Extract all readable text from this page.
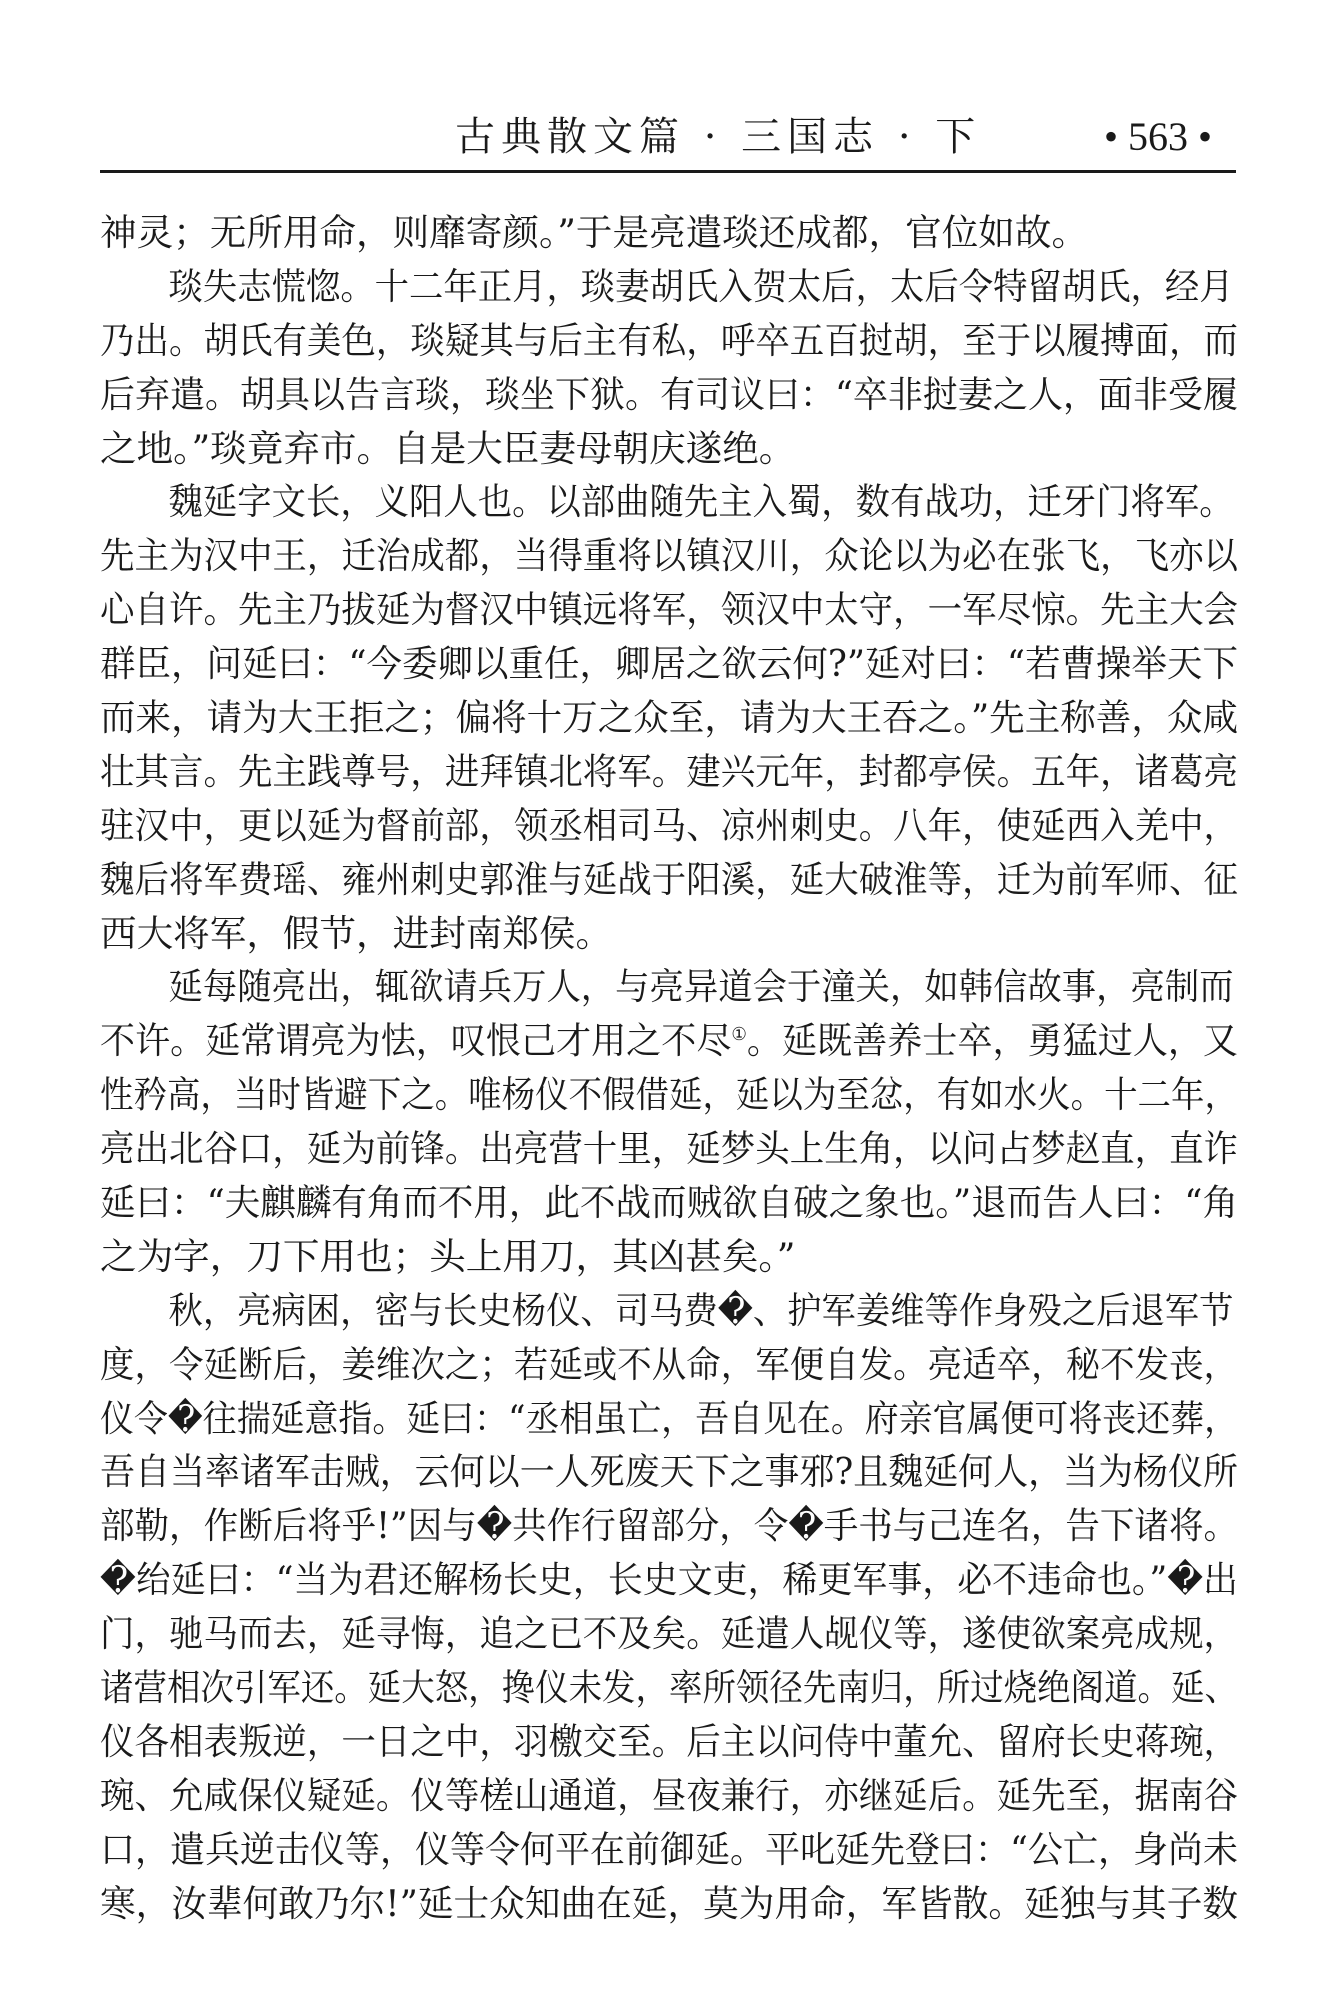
古典散文篇 · 三国志 · 下	• 563 •
神灵；无所用命，则靡寄颜。”于是亮遣琰还成都，官位如故。
琰失志慌惚。十二年正月，琰妻胡氏入贺太后，太后令特留胡氏，经月
乃出。胡氏有美色，琰疑其与后主有私，呼卒五百挝胡，至于以履搏面，而
后弃遣。胡具以告言琰，琰坐下狱。有司议曰：“卒非挝妻之人，面非受履
之地。”琰竟弃市。自是大臣妻母朝庆遂绝。
魏延字文长，义阳人也。以部曲随先主入蜀，数有战功，迁牙门将军。
先主为汉中王，迁治成都，当得重将以镇汉川，众论以为必在张飞，飞亦以
心自许。先主乃拔延为督汉中镇远将军，领汉中太守，一军尽惊。先主大会
群臣，问延曰：“今委卿以重任，卿居之欲云何?”延对曰：“若曹操举天下
而来，请为大王拒之；偏将十万之众至，请为大王吞之。”先主称善，众咸
壮其言。先主践尊号，进拜镇北将军。建兴元年，封都亭侯。五年，诸葛亮
驻汉中，更以延为督前部，领丞相司马、凉州刺史。八年，使延西入羌中，
魏后将军费瑶、雍州刺史郭淮与延战于阳溪，延大破淮等，迁为前军师、征
西大将军，假节，进封南郑侯。
延每随亮出，辄欲请兵万人，与亮异道会于潼关，如韩信故事，亮制而
不许。延常谓亮为怯，叹恨己才用之不尽①。延既善养士卒，勇猛过人，又
性矜高，当时皆避下之。唯杨仪不假借延，延以为至忿，有如水火。十二年，
亮出北谷口，延为前锋。出亮营十里，延梦头上生角，以问占梦赵直，直诈
延曰：“夫麒麟有角而不用，此不战而贼欲自破之象也。”退而告人曰：“角
之为字，刀下用也；头上用刀，其凶甚矣。”
秋，亮病困，密与长史杨仪、司马费�、护军姜维等作身殁之后退军节
度，令延断后，姜维次之；若延或不从命，军便自发。亮适卒，秘不发丧，
仪令�往揣延意指。延曰：“丞相虽亡，吾自见在。府亲官属便可将丧还葬，
吾自当率诸军击贼，云何以一人死废天下之事邪?且魏延何人，当为杨仪所
部勒，作断后将乎!”因与�共作行留部分，令�手书与己连名，告下诸将。
�绐延曰：“当为君还解杨长史，长史文吏，稀更军事，必不违命也。”�出
门，驰马而去，延寻悔，追之已不及矣。延遣人觇仪等，遂使欲案亮成规，
诸营相次引军还。延大怒，搀仪未发，率所领径先南归，所过烧绝阁道。延、
仪各相表叛逆，一日之中，羽檄交至。后主以问侍中董允、留府长史蒋琬，
琬、允咸保仪疑延。仪等槎山通道，昼夜兼行，亦继延后。延先至，据南谷
口，遣兵逆击仪等，仪等令何平在前御延。平叱延先登曰：“公亡，身尚未
寒，汝辈何敢乃尔!”延士众知曲在延，莫为用命，军皆散。延独与其子数
